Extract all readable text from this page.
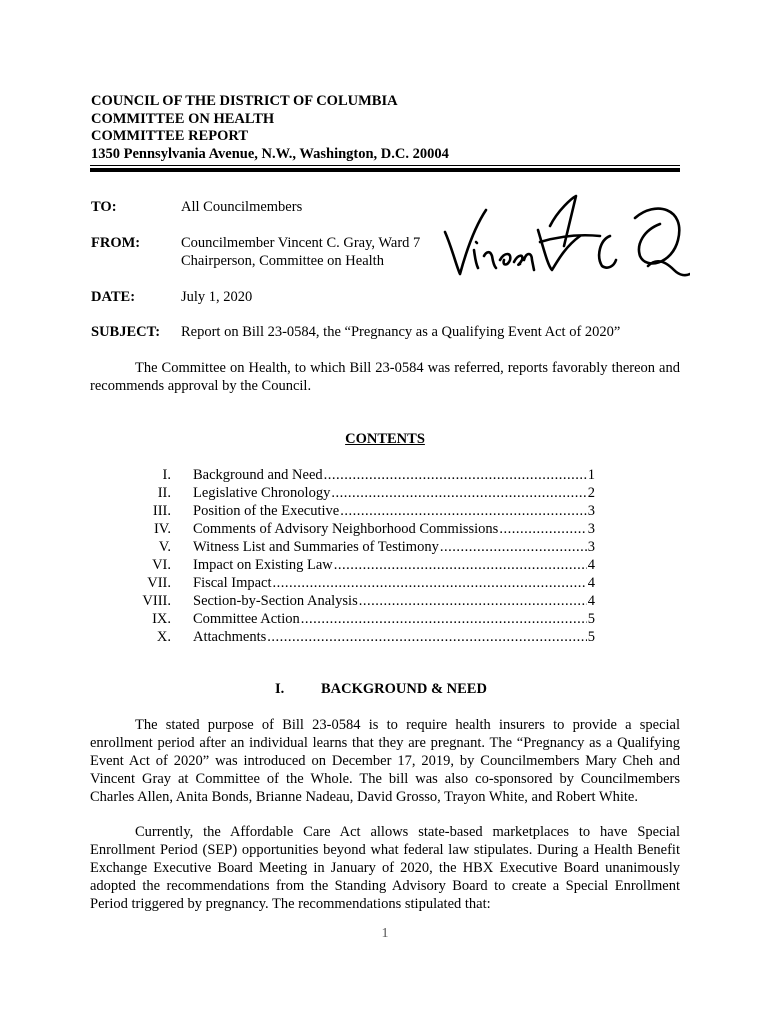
COUNCIL OF THE DISTRICT OF COLUMBIA
COMMITTEE ON HEALTH
COMMITTEE REPORT
1350 Pennsylvania Avenue, N.W., Washington, D.C. 20004
TO:	All Councilmembers
FROM:	Councilmember Vincent C. Gray, Ward 7
Chairperson, Committee on Health
DATE:	July 1, 2020
SUBJECT: Report on Bill 23-0584, the “Pregnancy as a Qualifying Event Act of 2020”

The Committee on Health, to which Bill 23-0584 was referred, reports favorably thereon and recommends approval by the Council.

CONTENTS
I. Background and Need .....	1
II. Legislative Chronology .....	2
III. Position of the Executive .....	3
IV. Comments of Advisory Neighborhood Commissions .....	3
V. Witness List and Summaries of Testimony .....	3
VI. Impact on Existing Law .....	4
VII. Fiscal Impact .....	4
VIII. Section-by-Section Analysis .....	4
IX. Committee Action .....	5
X. Attachments .....	5
I.	BACKGROUND & NEED

The stated purpose of Bill 23-0584 is to require health insurers to provide a special enrollment period after an individual learns that they are pregnant. The “Pregnancy as a Qualifying Event Act of 2020” was introduced on December 17, 2019, by Councilmembers Mary Cheh and Vincent Gray at Committee of the Whole. The bill was also co-sponsored by Councilmembers Charles Allen, Anita Bonds, Brianne Nadeau, David Grosso, Trayon White, and Robert White.

Currently, the Affordable Care Act allows state-based marketplaces to have Special Enrollment Period (SEP) opportunities beyond what federal law stipulates. During a Health Benefit Exchange Executive Board Meeting in January of 2020, the HBX Executive Board unanimously adopted the recommendations from the Standing Advisory Board to create a Special Enrollment Period triggered by pregnancy. The recommendations stipulated that:

1
